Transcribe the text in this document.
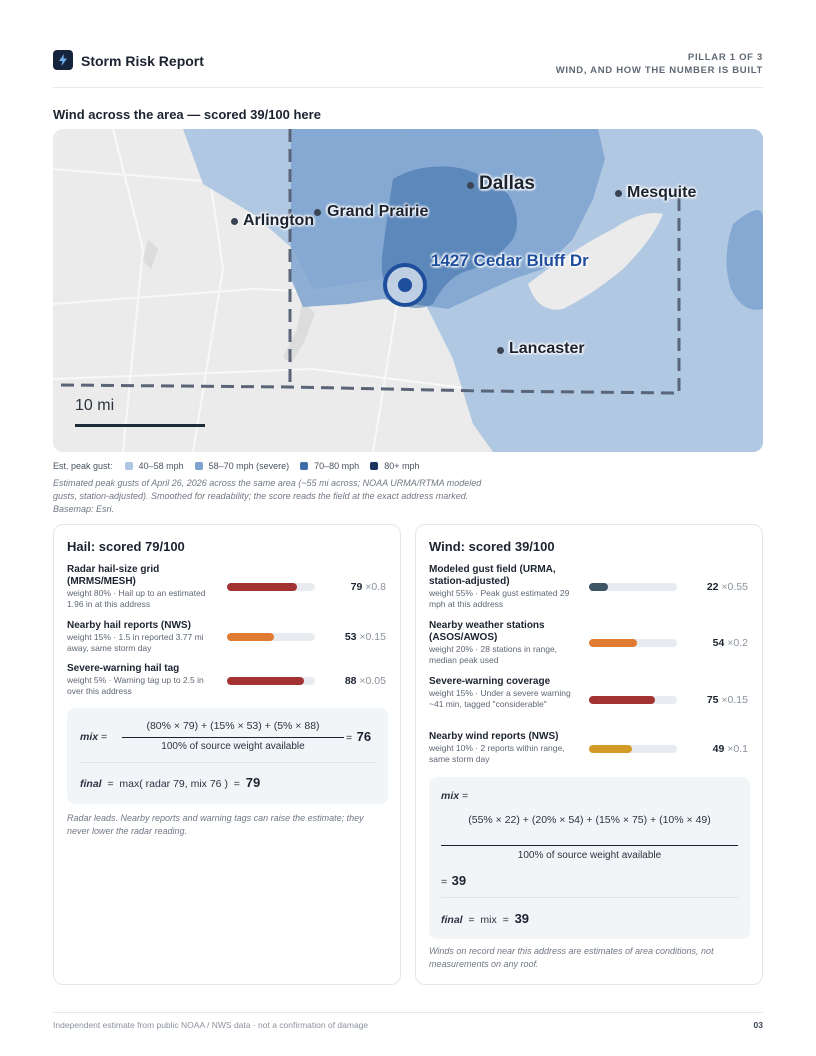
Storm Risk Report	PILLAR 1 OF 3
WIND, AND HOW THE NUMBER IS BUILT
Wind across the area — scored 39/100 here
Dallas	Mesquite
Arlington
Grand Prairie
Lancaster
1427 Cedar Bluff Dr
10 mi
Est. peak gust:	40–58 mph	58–70 mph (severe)	70–80 mph	80+ mph
Estimated peak gusts of April 26, 2026 across the same area (~55 mi across; NOAA URMA/RTMA modeled gusts, station-adjusted). Smoothed for readability; the score reads the field at the exact address marked. Basemap: Esri.
Hail: scored 79/100
Radar hail-size grid (MRMS/MESH)
weight 80% · Hail up to an estimated 1.96 in at this address
79 ×0.8
Nearby hail reports (NWS)
weight 15% · 1.5 in reported 3.77 mi away, same storm day
53 ×0.15
Severe-warning hail tag
weight 5% · Warning tag up to 2.5 in over this address
88 ×0.05
mix =
(80% × 79) + (15% × 53) + (5% × 88)
100% of source weight available
= 76
final  =  max( radar 79, mix 76 )  =  79
Radar leads. Nearby reports and warning tags can raise the estimate; they never lower the radar reading.
Wind: scored 39/100
Modeled gust field (URMA, station-adjusted)
weight 55% · Peak gust estimated 29 mph at this address
22 ×0.55
Nearby weather stations (ASOS/AWOS)
weight 20% · 28 stations in range, median peak used
54 ×0.2
Severe-warning coverage
weight 15% · Under a severe warning ~41 min, tagged "considerable"	75 ×0.15
Nearby wind reports (NWS)
weight 10% · 2 reports within range, same storm day
49 ×0.1
mix =
(55% × 22) + (20% × 54) + (15% × 75) + (10% × 49)
100% of source weight available
= 39
final  =  mix  =  39
Winds on record near this address are estimates of area conditions, not measurements on any roof.
Independent estimate from public NOAA / NWS data · not a confirmation of damage	03
